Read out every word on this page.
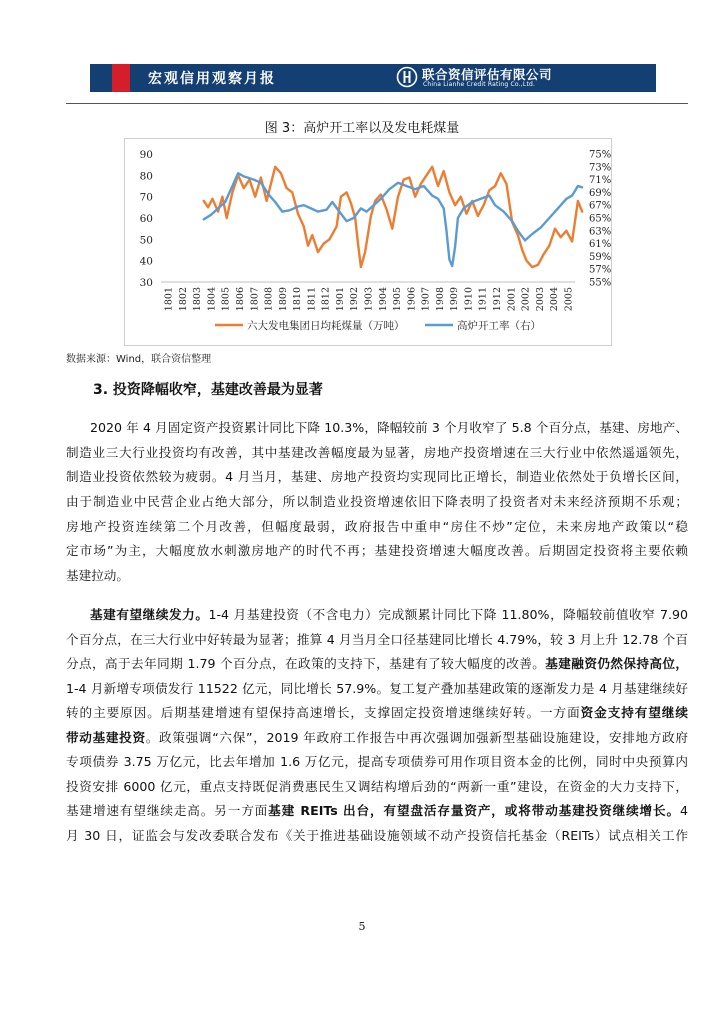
宏观信用观察月报	联合资信评估有限公司
China Lianhe Credit Rating Co.,Ltd.
图 3：高炉开工率以及发电耗煤量
30
40
50
60
70
80
90
55%
57%
59%
61%
63%
65%
67%
69%
71%
73%
75%
1801 1802 1803 1804 1805 1806 1807 1808 1809 1810 1811 1812 1901 1902 1903 1904 1905 1906 1907 1908 1909 1910 1911 1912 2001 2002 2003 2004 2005
六大发电集团日均耗煤量（万吨）	高炉开工率（右）
数据来源：Wind，联合资信整理
3. 投资降幅收窄，基建改善最为显著
2020 年 4 月固定资产投资累计同比下降 10.3%，降幅较前 3 个月收窄了 5.8 个百分点，基建、房地产、
制造业三大行业投资均有改善，其中基建改善幅度最为显著，房地产投资增速在三大行业中依然遥遥领先，
制造业投资依然较为疲弱。4 月当月，基建、房地产投资均实现同比正增长，制造业依然处于负增长区间，
由于制造业中民营企业占绝大部分，所以制造业投资增速依旧下降表明了投资者对未来经济预期不乐观；
房地产投资连续第二个月改善，但幅度最弱，政府报告中重申“房住不炒”定位，未来房地产政策以“稳
定市场”为主，大幅度放水刺激房地产的时代不再；基建投资增速大幅度改善。后期固定投资将主要依赖
基建拉动。
基建有望继续发力。1-4 月基建投资（不含电力）完成额累计同比下降 11.80%，降幅较前值收窄 7.90
个百分点，在三大行业中好转最为显著；推算 4 月当月全口径基建同比增长 4.79%，较 3 月上升 12.78 个百
分点，高于去年同期 1.79 个百分点，在政策的支持下，基建有了较大幅度的改善。基建融资仍然保持高位，
1-4 月新增专项债发行 11522 亿元，同比增长 57.9%。复工复产叠加基建政策的逐渐发力是 4 月基建继续好
转的主要原因。后期基建增速有望保持高速增长，支撑固定投资增速继续好转。一方面资金支持有望继续
带动基建投资。政策强调“六保”，2019 年政府工作报告中再次强调加强新型基础设施建设，安排地方政府
专项债券 3.75 万亿元，比去年增加 1.6 万亿元，提高专项债券可用作项目资本金的比例，同时中央预算内
投资安排 6000 亿元，重点支持既促消费惠民生又调结构增后劲的“两新一重”建设，在资金的大力支持下，
基建增速有望继续走高。另一方面基建 REITs 出台，有望盘活存量资产，或将带动基建投资继续增长。4
月 30 日，证监会与发改委联合发布《关于推进基础设施领域不动产投资信托基金（REITs）试点相关工作
5
